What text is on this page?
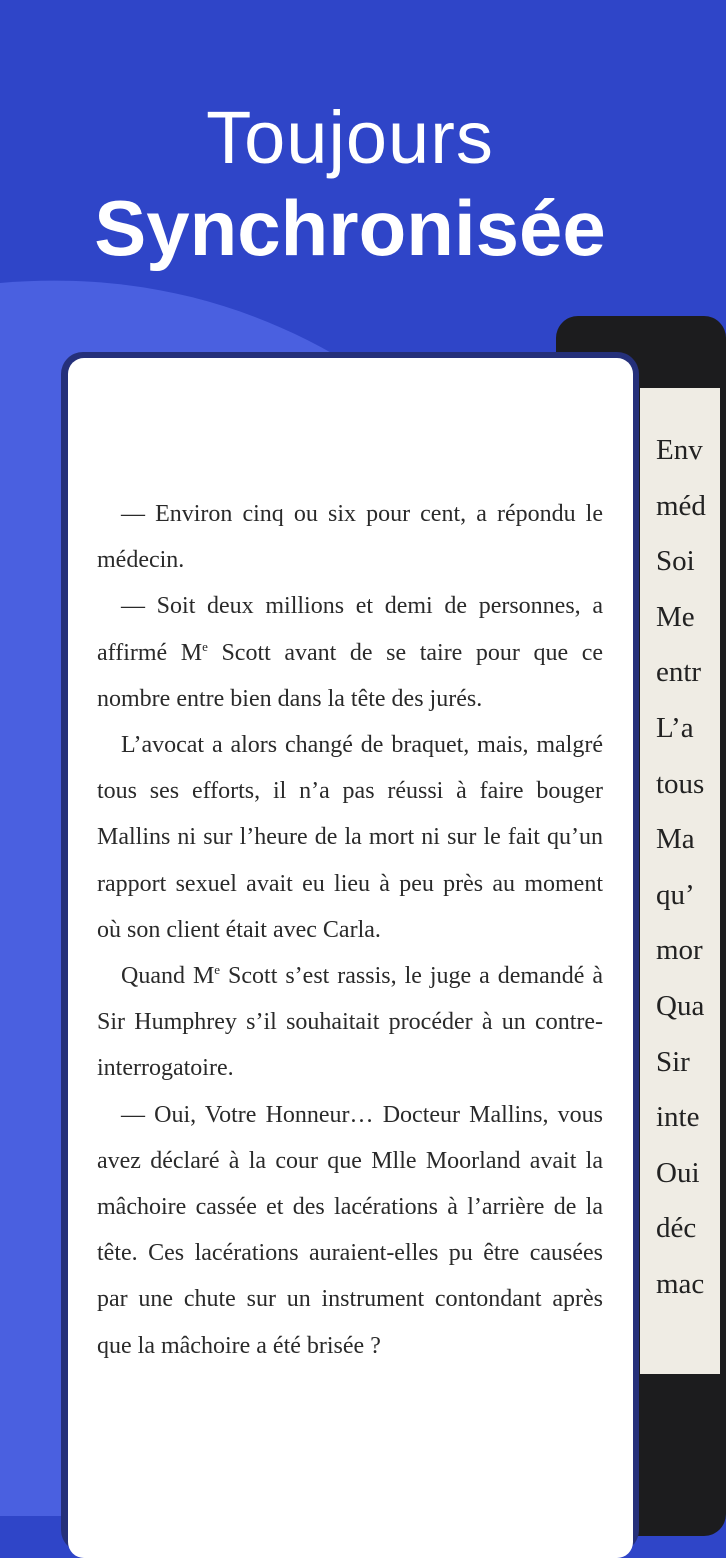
Toujours
Synchronisée
Env
méd
Soi
Me
entr
L’a
tous
Ma
qu’
mor
Qua
Sir
inte
Oui
déc
mac

— Environ cinq ou six pour cent, a répondu le médecin.

— Soit deux millions et demi de personnes, a affirmé Me Scott avant de se taire pour que ce nombre entre bien dans la tête des jurés.

L’avocat a alors changé de braquet, mais, malgré tous ses efforts, il n’a pas réussi à faire bouger Mallins ni sur l’heure de la mort ni sur le fait qu’un rapport sexuel avait eu lieu à peu près au moment où son client était avec Carla.

Quand Me Scott s’est rassis, le juge a demandé à Sir Humphrey s’il souhaitait procéder à un contre-interrogatoire.

— Oui, Votre Honneur… Docteur Mallins, vous avez déclaré à la cour que Mlle Moorland avait la mâchoire cassée et des lacérations à l’arrière de la tête. Ces lacérations auraient-elles pu être causées par une chute sur un instrument contondant après que la mâchoire a été brisée ?
